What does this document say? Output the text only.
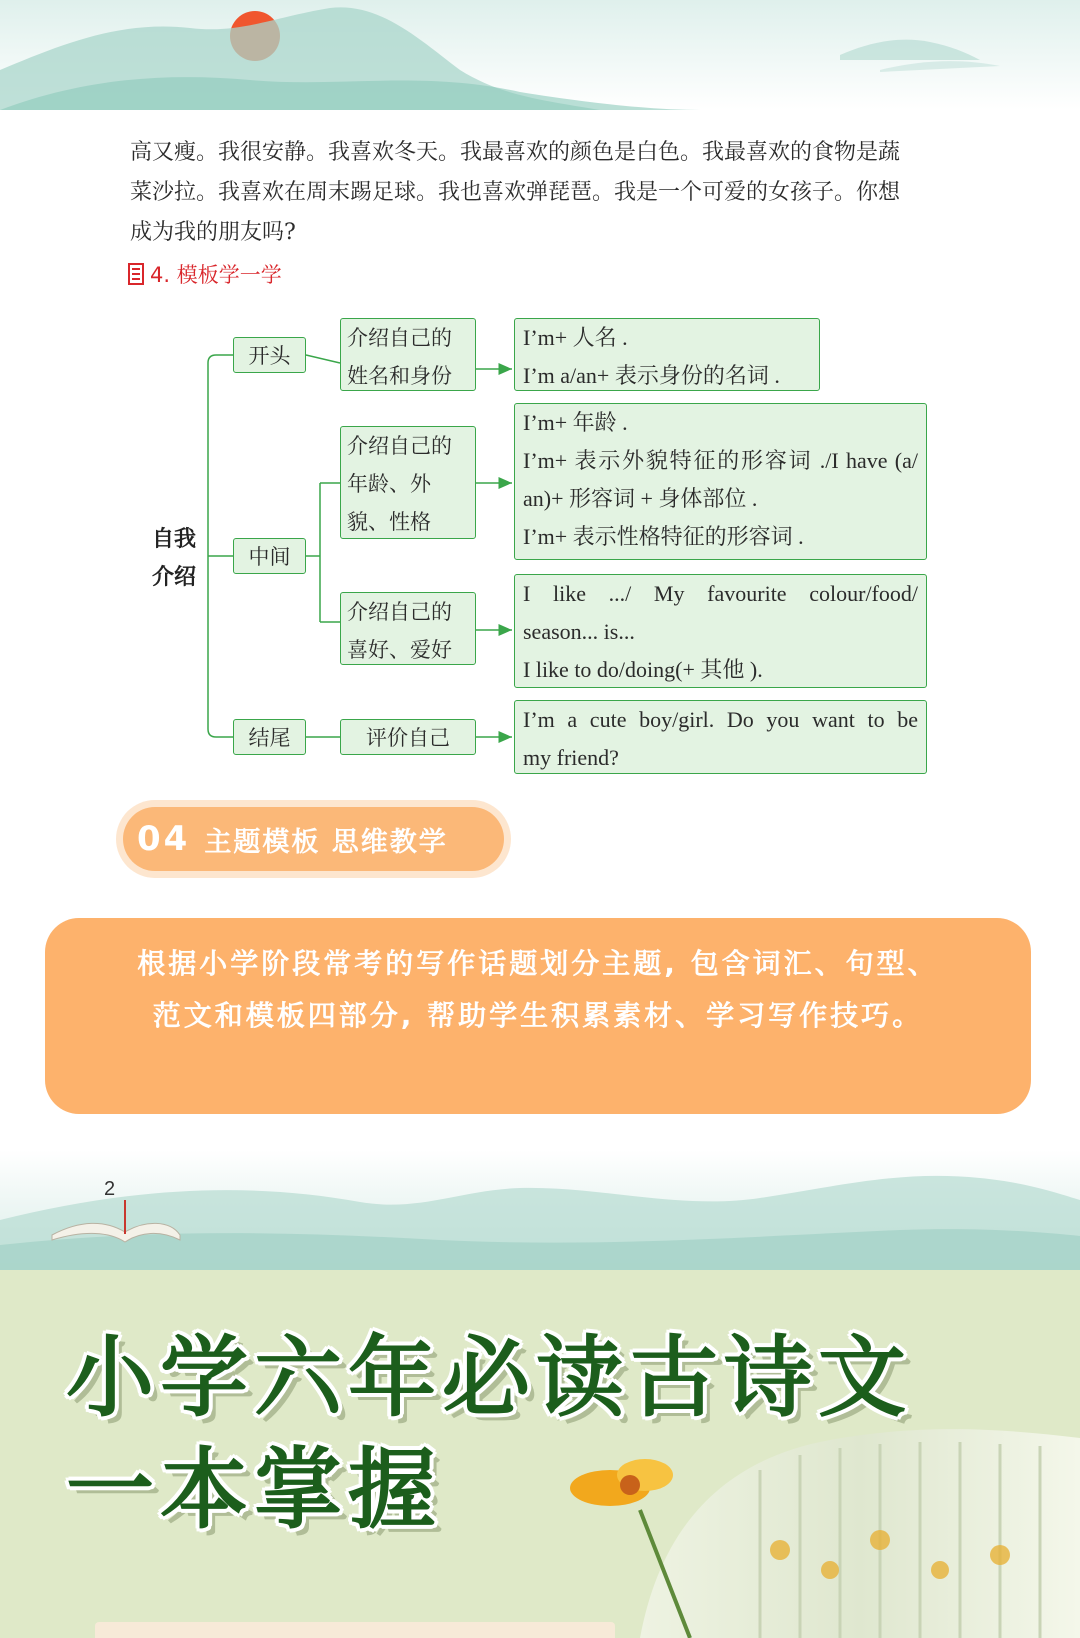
高又瘦。我很安静。我喜欢冬天。我最喜欢的颜色是白色。我最喜欢的食物是蔬
菜沙拉。我喜欢在周末踢足球。我也喜欢弹琵琶。我是一个可爱的女孩子。你想
成为我的朋友吗?
4. 模板学一学
自我介绍
开头
中间
结尾
介绍自己的姓名和身份
介绍自己的年龄、外貌、性格
介绍自己的喜好、爱好
评价自己
I’m+ 人名 .
I’m a/an+ 表示身份的名词 .
I’m+ 年龄 .
I’m+ 表示外貌特征的形容词 ./I have (a/
an)+ 形容词 + 身体部位 .
I’m+ 表示性格特征的形容词 .
I like .../ My favourite colour/food/
season... is...
I like to do/doing(+ 其他 ).
I’m a cute boy/girl. Do you want to be
my friend?
04 主题模板 思维教学
根据小学阶段常考的写作话题划分主题, 包含词汇、句型、范文和模板四部分, 帮助学生积累素材、学习写作技巧。
2
小学六年必读古诗文
一本掌握
